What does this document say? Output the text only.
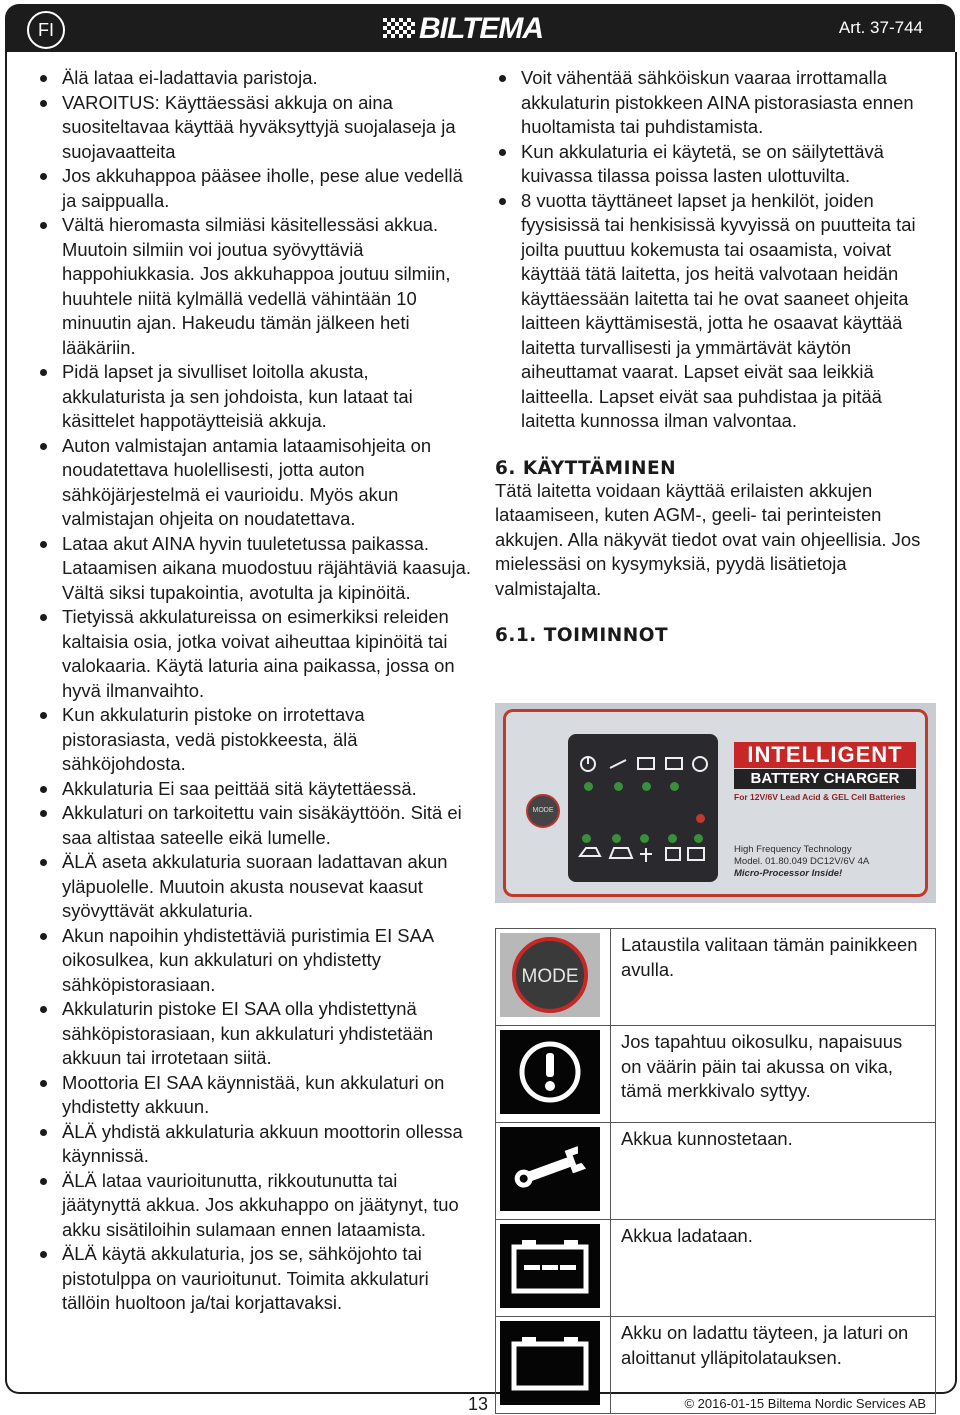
FI	BILTEMA	Art. 37-744
Älä lataa ei-ladattavia paristoja.
VAROITUS: Käyttäessäsi akkuja on aina suositeltavaa käyttää hyväksyttyjä suojalaseja ja suojavaatteita
Jos akkuhappoa pääsee iholle, pese alue vedellä ja saippualla.
Vältä hieromasta silmiäsi käsitellessäsi akkua. Muutoin silmiin voi joutua syövyttäviä happohiukkasia. Jos akkuhappoa joutuu silmiin, huuhtele niitä kylmällä vedellä vähintään 10 minuutin ajan. Hakeudu tämän jälkeen heti lääkäriin.
Pidä lapset ja sivulliset loitolla akusta, akkulaturista ja sen johdoista, kun lataat tai käsittelet happotäytteisiä akkuja.
Auton valmistajan antamia lataamisohjeita on noudatettava huolellisesti, jotta auton sähköjärjestelmä ei vaurioidu. Myös akun valmistajan ohjeita on noudatettava.
Lataa akut AINA hyvin tuuletetussa paikassa. Lataamisen aikana muodostuu räjähtäviä kaasuja. Vältä siksi tupakointia, avotulta ja kipinöitä.
Tietyissä akkulatureissa on esimerkiksi releiden kaltaisia osia, jotka voivat aiheuttaa kipinöitä tai valokaaria. Käytä laturia aina paikassa, jossa on hyvä ilmanvaihto.
Kun akkulaturin pistoke on irrotettava pistorasiasta, vedä pistokkeesta, älä sähköjohdosta.
Akkulaturia Ei saa peittää sitä käytettäessä.
Akkulaturi on tarkoitettu vain sisäkäyttöön. Sitä ei saa altistaa sateelle eikä lumelle.
ÄLÄ aseta akkulaturia suoraan ladattavan akun yläpuolelle. Muutoin akusta nousevat kaasut syövyttävät akkulaturia.
Akun napoihin yhdistettäviä puristimia EI SAA oikosulkea, kun akkulaturi on yhdistetty sähköpistorasiaan.
Akkulaturin pistoke EI SAA olla yhdistettynä sähköpistorasiaan, kun akkulaturi yhdistetään akkuun tai irrotetaan siitä.
Moottoria EI SAA käynnistää, kun akkulaturi on yhdistetty akkuun.
ÄLÄ yhdistä akkulaturia akkuun moottorin ollessa käynnissä.
ÄLÄ lataa vaurioitunutta, rikkoutunutta tai jäätynyttä akkua. Jos akkuhappo on jäätynyt, tuo akku sisätiloihin sulamaan ennen lataamista.
ÄLÄ käytä akkulaturia, jos se, sähköjohto tai pistotulppa on vaurioitunut. Toimita akkulaturi tällöin huoltoon ja/tai korjattavaksi.
Voit vähentää sähköiskun vaaraa irrottamalla akkulaturin pistokkeen AINA pistorasiasta ennen huoltamista tai puhdistamista.
Kun akkulaturia ei käytetä, se on säilytettävä kuivassa tilassa poissa lasten ulottuvilta.
8 vuotta täyttäneet lapset ja henkilöt, joiden fyysisissä tai henkisissä kyvyissä on puutteita tai joilta puuttuu kokemusta tai osaamista, voivat käyttää tätä laitetta, jos heitä valvotaan heidän käyttäessään laitetta tai he ovat saaneet ohjeita laitteen käyttämisestä, jotta he osaavat käyttää laitetta turvallisesti ja ymmärtävät käytön aiheuttamat vaarat. Lapset eivät saa leikkiä laitteella. Lapset eivät saa puhdistaa ja pitää laitetta kunnossa ilman valvontaa.
6. KÄYTTÄMINEN

Tätä laitetta voidaan käyttää erilaisten akkujen lataamiseen, kuten AGM-, geeli- tai perinteisten akkujen. Alla näkyvät tiedot ovat vain ohjeellisia. Jos mielessäsi on kysymyksiä, pyydä lisätietoja valmistajalta.

6.1. TOIMINNOT
MODE
INTELLIGENT
BATTERY CHARGER
For 12V/6V Lead Acid & GEL Cell Batteries
High Frequency Technology
Model. 01.80.049 DC12V/6V 4A
Micro-Processor Inside!
MODE	Lataustila valitaan tämän painikkeen avulla.

	Jos tapahtuu oikosulku, napaisuus on väärin päin tai akussa on vika, tämä merkkivalo syttyy.

	Akkua kunnostetaan.

	Akkua ladataan.

	Akku on ladattu täyteen, ja laturi on aloittanut ylläpitolatauksen.
13	© 2016-01-15 Biltema Nordic Services AB
